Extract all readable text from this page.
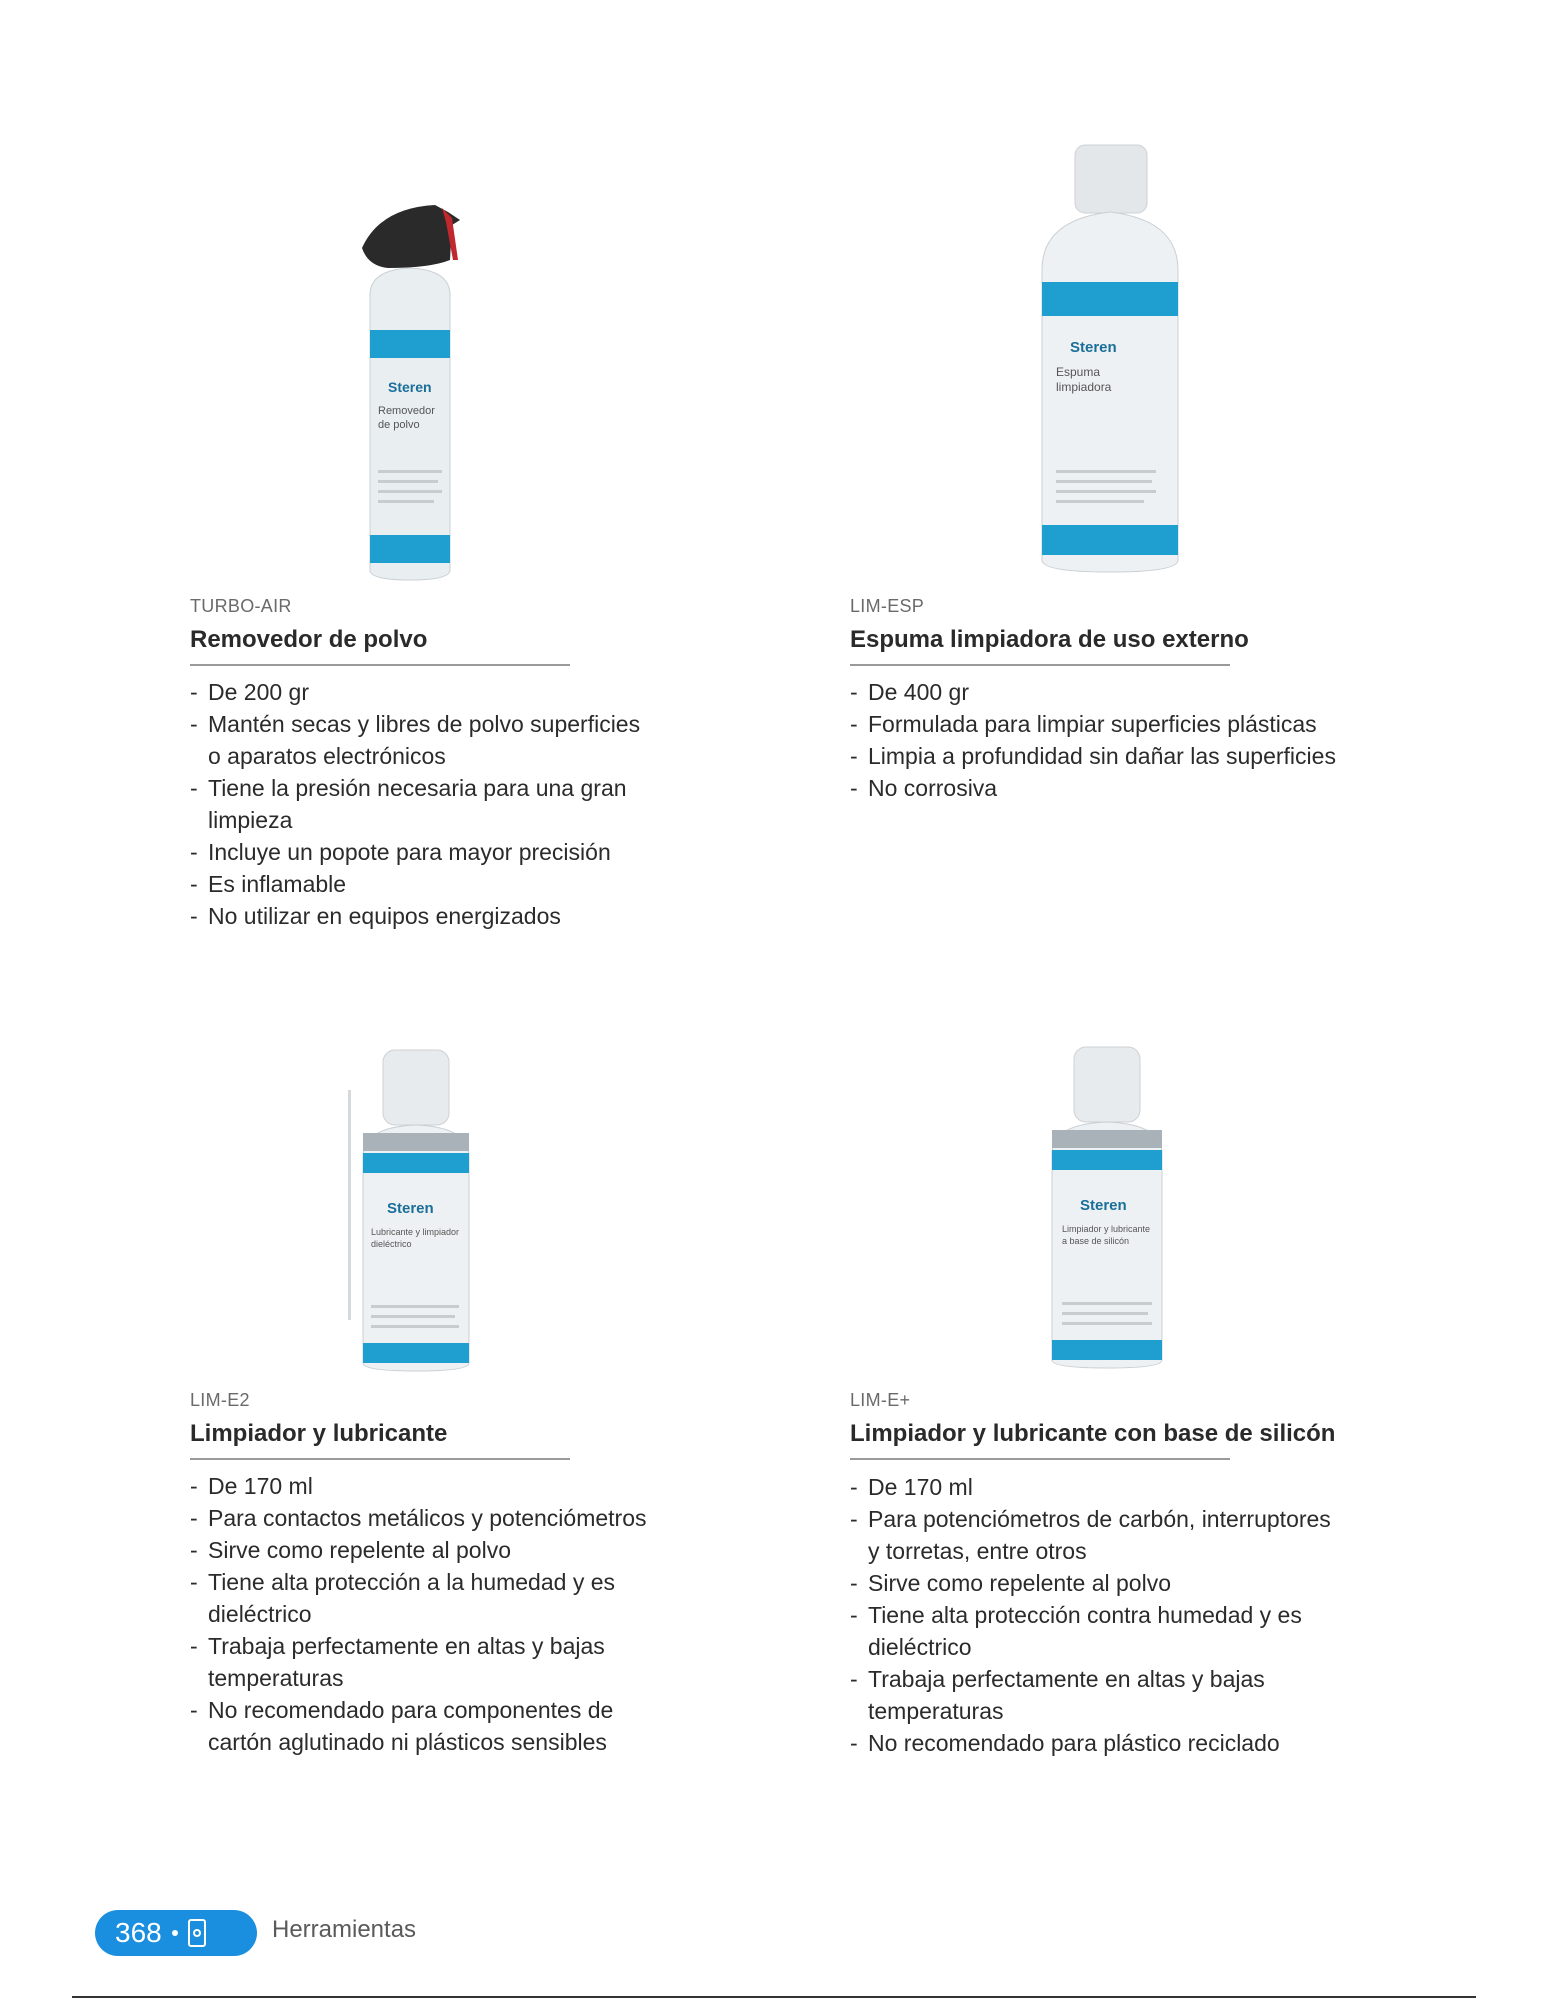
Steren
Removedor
de polvo
TURBO-AIR
Removedor de polvo
- De 200 gr
- Mantén secas y libres de polvo superficies
o aparatos electrónicos
- Tiene la presión necesaria para una gran
limpieza
- Incluye un popote para mayor precisión
- Es inflamable
- No utilizar en equipos energizados
Steren
Espuma
limpiadora
LIM-ESP
Espuma limpiadora de uso externo
- De 400 gr
- Formulada para limpiar superficies plásticas
- Limpia a profundidad sin dañar las superficies
- No corrosiva
Steren
Lubricante y limpiador
dieléctrico
LIM-E2
Limpiador y lubricante
- De 170 ml
- Para contactos metálicos y potenciómetros
- Sirve como repelente al polvo
- Tiene alta protección a la humedad y es
dieléctrico
- Trabaja perfectamente en altas y bajas
temperaturas
- No recomendado para componentes de
cartón aglutinado ni plásticos sensibles
Steren
Limpiador y lubricante
a base de silicón
LIM-E+
Limpiador y lubricante con base de silicón
- De 170 ml
- Para potenciómetros de carbón, interruptores
y torretas, entre otros
- Sirve como repelente al polvo
- Tiene alta protección contra humedad y es
dieléctrico
- Trabaja perfectamente en altas y bajas
temperaturas
- No recomendado para plástico reciclado
368	Herramientas
